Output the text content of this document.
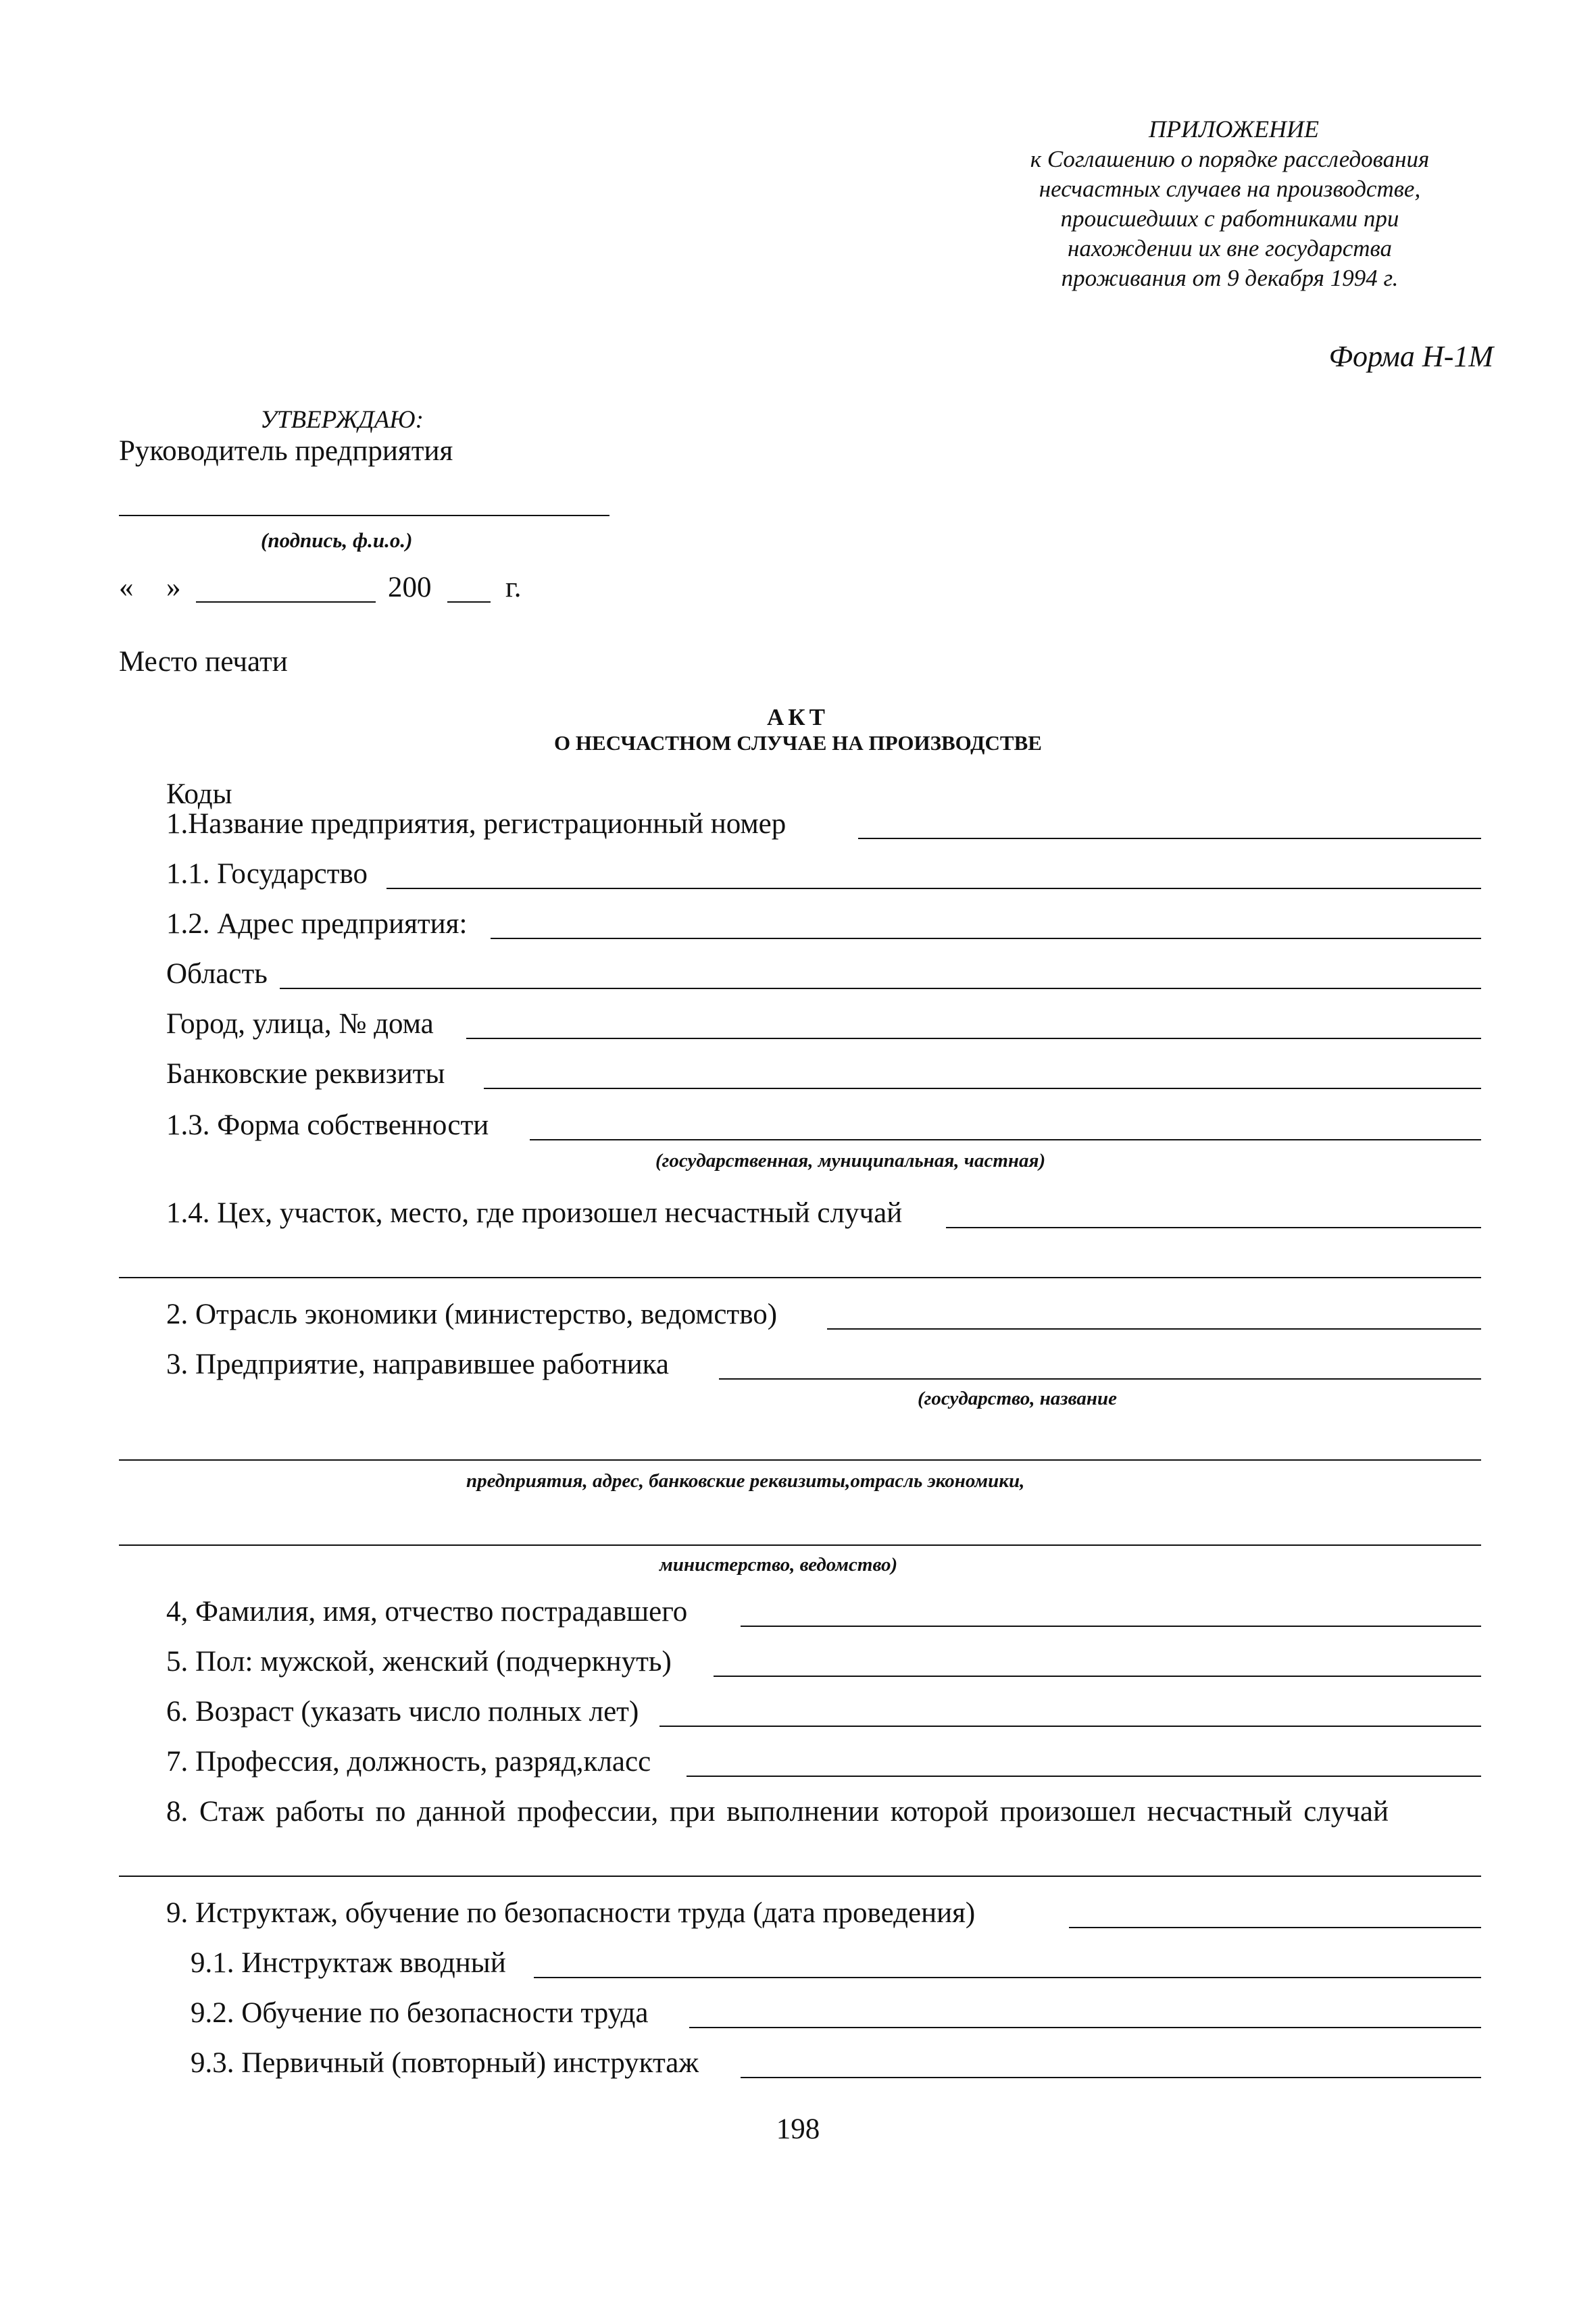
ПРИЛОЖЕНИЕ
к Соглашению о порядке расследования
несчастных случаев на производстве,
происшедших с работниками при
нахождении их вне государства
проживания от 9 декабря 1994 г.
Форма Н-1М
УТВЕРЖДАЮ:
Руководитель предприятия
(подпись, ф.и.о.)
« »	200	г.
Место печати
АКТ
О НЕСЧАСТНОМ СЛУЧАЕ НА ПРОИЗВОДСТВЕ
Коды
1.Название предприятия, регистрационный номер
1.1. Государство
1.2. Адрес предприятия:
Область
Город, улица, № дома
Банковские реквизиты
1.3. Форма собственности
(государственная, муниципальная, частная)
1.4. Цех, участок, место, где произошел несчастный случай
2. Отрасль экономики (министерство, ведомство)
3. Предприятие, направившее работника
(государство, название
предприятия, адрес, банковские реквизиты,отрасль экономики,
министерство, ведомство)
4, Фамилия, имя, отчество пострадавшего
5. Пол: мужской, женский (подчеркнуть)
6. Возраст (указать число полных лет)
7. Профессия, должность, разряд,класс
8. Стаж работы по данной профессии, при выполнении которой произошел несчастный случай
9. Иструктаж, обучение по безопасности труда (дата проведения)
9.1. Инструктаж вводный
9.2. Обучение по безопасности труда
9.3. Первичный (повторный) инструктаж
198
